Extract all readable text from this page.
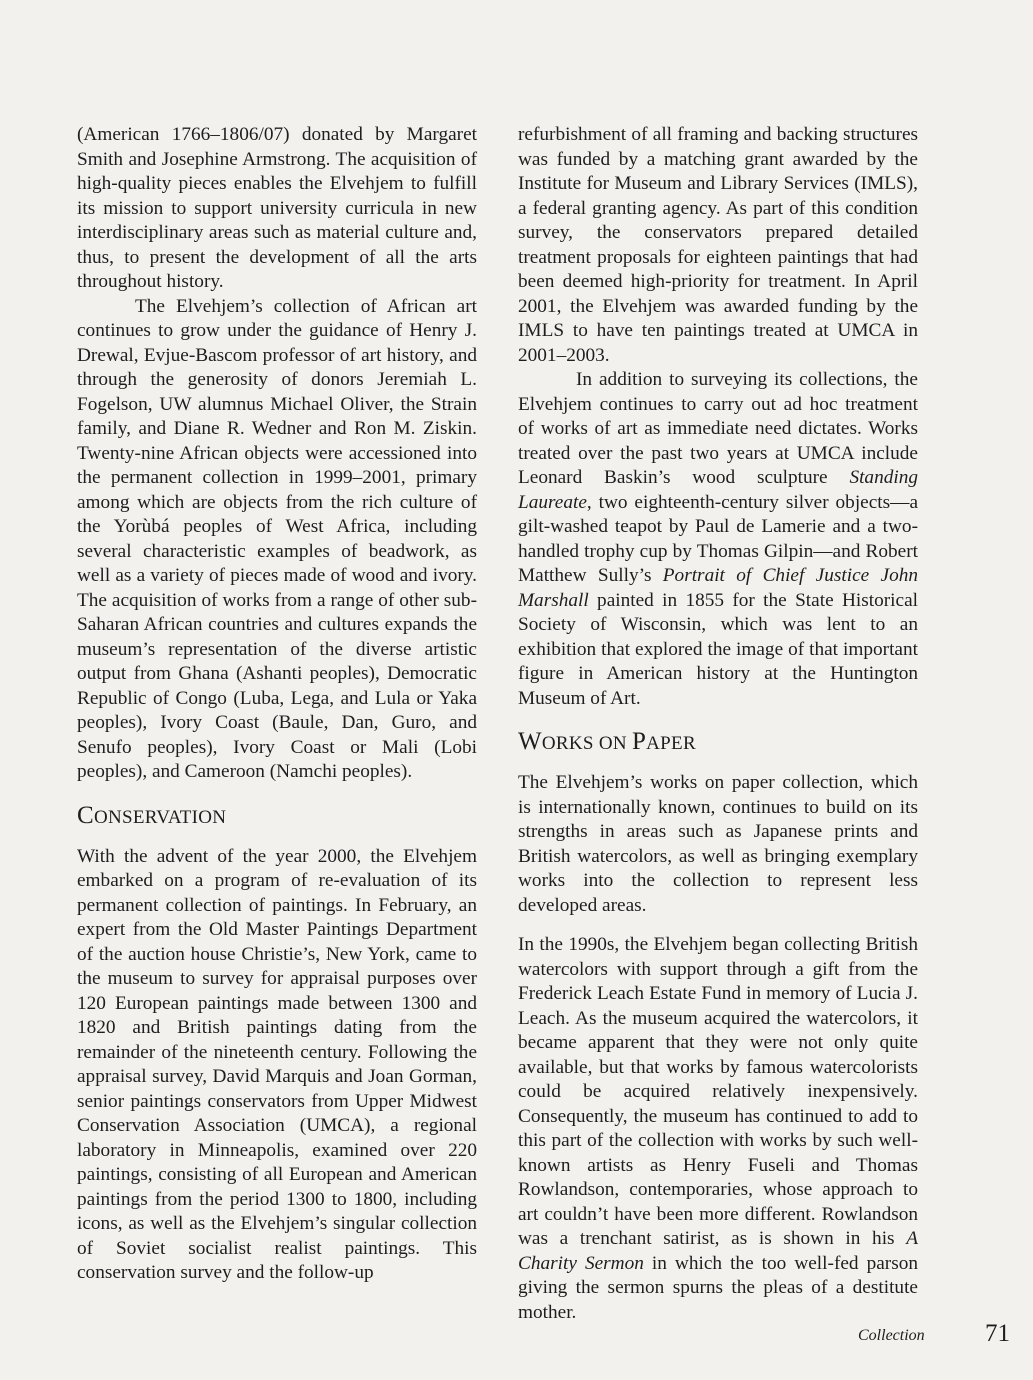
(American 1766–1806/07) donated by Margaret Smith and Josephine Armstrong. The acquisition of high-quality pieces enables the Elvehjem to fulfill its mission to support university curricula in new interdisciplinary areas such as material culture and, thus, to present the development of all the arts throughout history.

The Elvehjem’s collection of African art continues to grow under the guidance of Henry J. Drewal, Evjue-Bascom professor of art history, and through the generosity of donors Jeremiah L. Fogelson, UW alumnus Michael Oliver, the Strain family, and Diane R. Wedner and Ron M. Ziskin. Twenty-nine African objects were accessioned into the permanent collection in 1999–2001, primary among which are objects from the rich culture of the Yorùbá peoples of West Africa, including several characteristic examples of beadwork, as well as a variety of pieces made of wood and ivory. The acquisition of works from a range of other sub-Saharan African countries and cultures expands the museum’s representation of the diverse artistic output from Ghana (Ashanti peoples), Democratic Republic of Congo (Luba, Lega, and Lula or Yaka peoples), Ivory Coast (Baule, Dan, Guro, and Senufo peoples), Ivory Coast or Mali (Lobi peoples), and Cameroon (Namchi peoples).

CONSERVATION

With the advent of the year 2000, the Elvehjem embarked on a program of re-evaluation of its permanent collection of paintings. In February, an expert from the Old Master Paintings Department of the auction house Christie’s, New York, came to the museum to survey for appraisal purposes over 120 European paintings made between 1300 and 1820 and British paintings dating from the remainder of the nineteenth century. Following the appraisal survey, David Marquis and Joan Gorman, senior paintings conservators from Upper Midwest Conservation Association (UMCA), a regional laboratory in Minneapolis, examined over 220 paintings, consisting of all European and American paintings from the period 1300 to 1800, including icons, as well as the Elvehjem’s singular collection of Soviet socialist realist paintings. This conservation survey and the follow-up

refurbishment of all framing and backing structures was funded by a matching grant awarded by the Institute for Museum and Library Services (IMLS), a federal granting agency. As part of this condition survey, the conservators prepared detailed treatment proposals for eighteen paintings that had been deemed high-priority for treatment. In April 2001, the Elvehjem was awarded funding by the IMLS to have ten paintings treated at UMCA in 2001–2003.

In addition to surveying its collections, the Elvehjem continues to carry out ad hoc treatment of works of art as immediate need dictates. Works treated over the past two years at UMCA include Leonard Baskin’s wood sculpture Standing Laureate, two eighteenth-century silver objects—a gilt-washed teapot by Paul de Lamerie and a two-handled trophy cup by Thomas Gilpin—and Robert Matthew Sully’s Portrait of Chief Justice John Marshall painted in 1855 for the State Historical Society of Wisconsin, which was lent to an exhibition that explored the image of that important figure in American history at the Huntington Museum of Art.

WORKS ON PAPER

The Elvehjem’s works on paper collection, which is internationally known, continues to build on its strengths in areas such as Japanese prints and British watercolors, as well as bringing exemplary works into the collection to represent less developed areas.

In the 1990s, the Elvehjem began collecting British watercolors with support through a gift from the Frederick Leach Estate Fund in memory of Lucia J. Leach. As the museum acquired the watercolors, it became apparent that they were not only quite available, but that works by famous watercolorists could be acquired relatively inexpensively. Consequently, the museum has continued to add to this part of the collection with works by such well-known artists as Henry Fuseli and Thomas Rowlandson, contemporaries, whose approach to art couldn’t have been more different. Rowlandson was a trenchant satirist, as is shown in his A Charity Sermon in which the too well-fed parson giving the sermon spurns the pleas of a destitute mother.

Collection 71
